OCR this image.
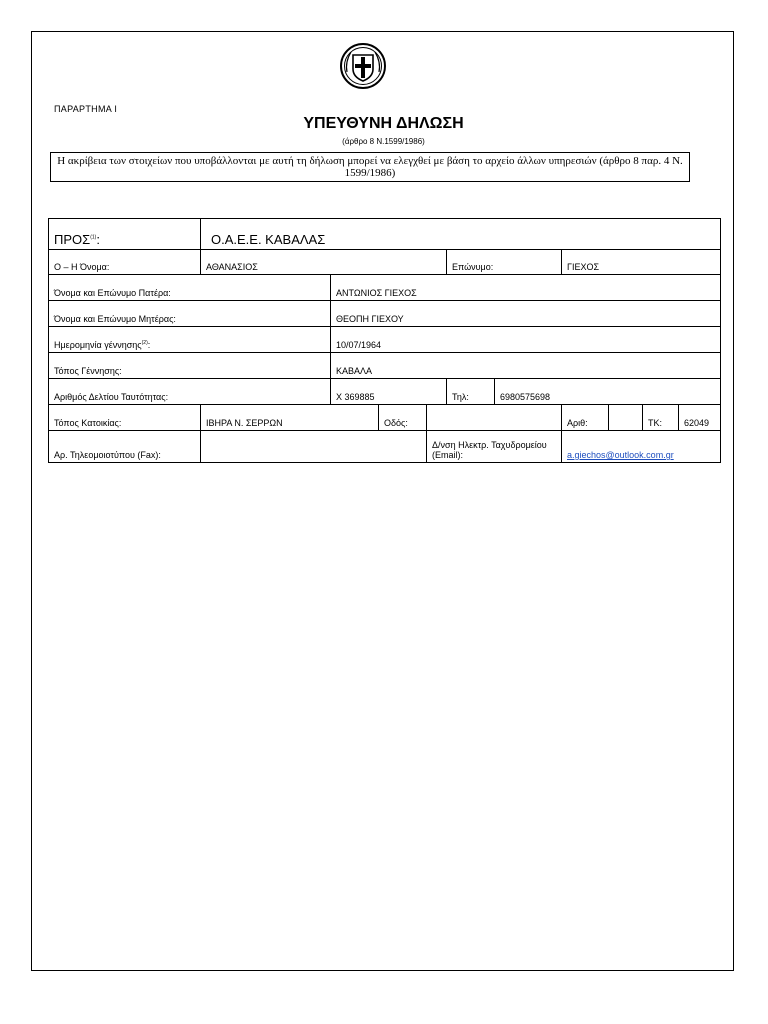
ΠΑΡΑΡΤΗΜΑ Ι
ΥΠΕΥΘΥΝΗ ΔΗΛΩΣΗ
(άρθρο 8 Ν.1599/1986)
Η ακρίβεια των στοιχείων που υποβάλλονται με αυτή τη δήλωση μπορεί να ελεγχθεί με βάση το αρχείο άλλων υπηρεσιών (άρθρο 8 παρ. 4 Ν. 1599/1986)
ΠΡΟΣ$^{(1)}$:	Ο.Α.Ε.Ε. ΚΑΒΑΛΑΣ									
Ο – Η Όνομα:	ΑΘΑΝΑΣΙΟΣ				Επώνυμο:		ΓΙΕΧΟΣ			
Όνομα και Επώνυμο Πατέρα:		ΑΝΤΩΝΙΟΣ ΓΙΕΧΟΣ								
Όνομα και Επώνυμο Μητέρας:		ΘΕΟΠΗ ΓΙΕΧΟΥ								
Ημερομηνία γέννησης$^{(2)}$:		10/07/1964								
Τόπος Γέννησης:		ΚΑΒΑΛΑ								
Αριθμός Δελτίου Ταυτότητας:		Χ 369885			Τηλ:	6980575698				
Τόπος Κατοικίας:	ΙΒΗΡΑ Ν. ΣΕΡΡΩΝ		Οδός:				Αριθ:		ΤΚ:	62049
Αρ. Τηλεομοιοτύπου (Fax):				Δ/νση Ηλεκτρ. Ταχυδρομείου (Email):			a.giechos@outlook.com.gr			
